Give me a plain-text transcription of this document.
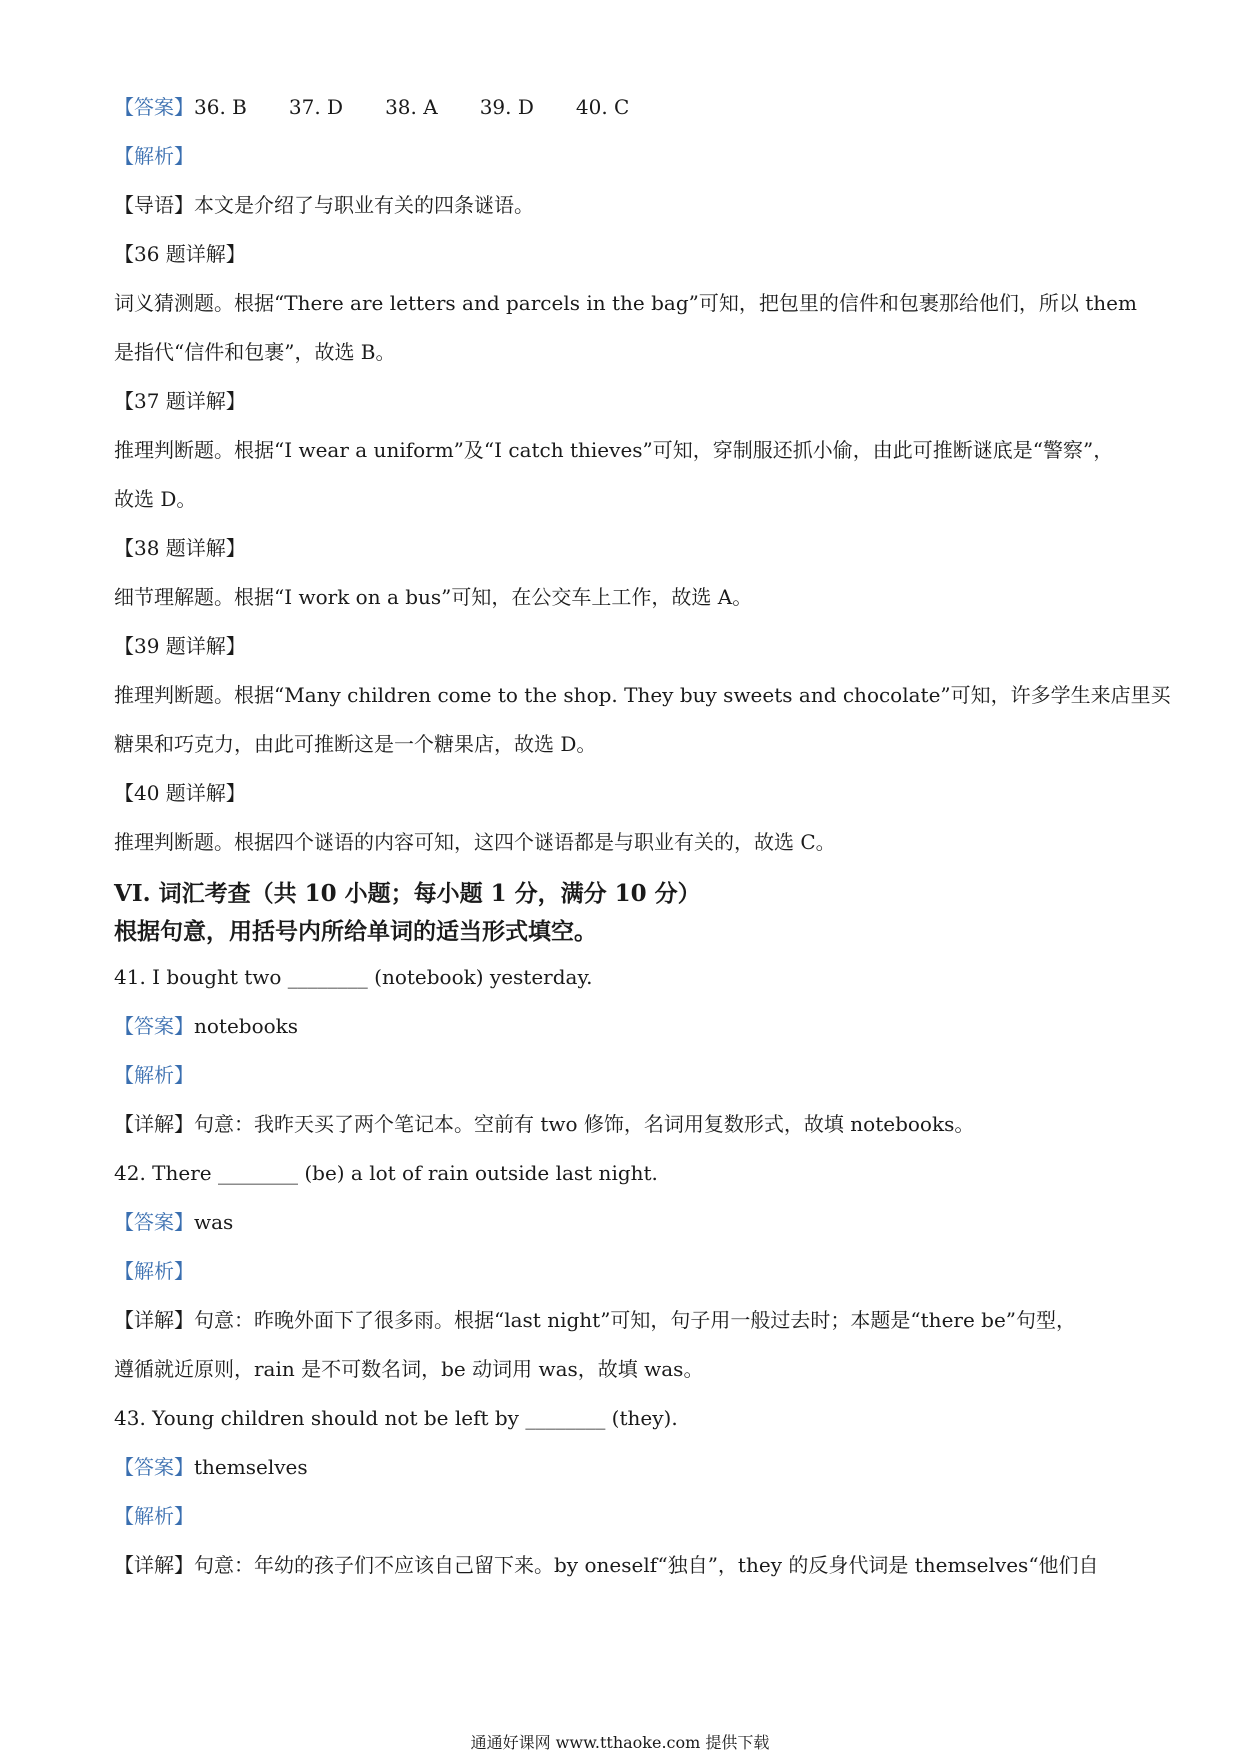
【答案】36. B 37. D 38. A 39. D 40. C
【解析】
【导语】本文是介绍了与职业有关的四条谜语。
【36 题详解】
词义猜测题。根据“There are letters and parcels in the bag”可知，把包里的信件和包裹那给他们，所以 them
是指代“信件和包裹”，故选 B。
【37 题详解】
推理判断题。根据“I wear a uniform”及“I catch thieves”可知，穿制服还抓小偷，由此可推断谜底是“警察”，
故选 D。
【38 题详解】
细节理解题。根据“I work on a bus”可知，在公交车上工作，故选 A。
【39 题详解】
推理判断题。根据“Many children come to the shop. They buy sweets and chocolate”可知，许多学生来店里买
糖果和巧克力，由此可推断这是一个糖果店，故选 D。
【40 题详解】
推理判断题。根据四个谜语的内容可知，这四个谜语都是与职业有关的，故选 C。
VI. 词汇考查（共 10 小题；每小题 1 分，满分 10 分）
根据句意，用括号内所给单词的适当形式填空。
41. I bought two ________ (notebook) yesterday.
【答案】notebooks
【解析】
【详解】句意：我昨天买了两个笔记本。空前有 two 修饰，名词用复数形式，故填 notebooks。
42. There ________ (be) a lot of rain outside last night.
【答案】was
【解析】
【详解】句意：昨晚外面下了很多雨。根据“last night”可知，句子用一般过去时；本题是“there be”句型，
遵循就近原则，rain 是不可数名词，be 动词用 was，故填 was。
43. Young children should not be left by ________ (they).
【答案】themselves
【解析】
【详解】句意：年幼的孩子们不应该自己留下来。by oneself“独自”，they 的反身代词是 themselves“他们自
通通好课网 www.tthaoke.com 提供下载
